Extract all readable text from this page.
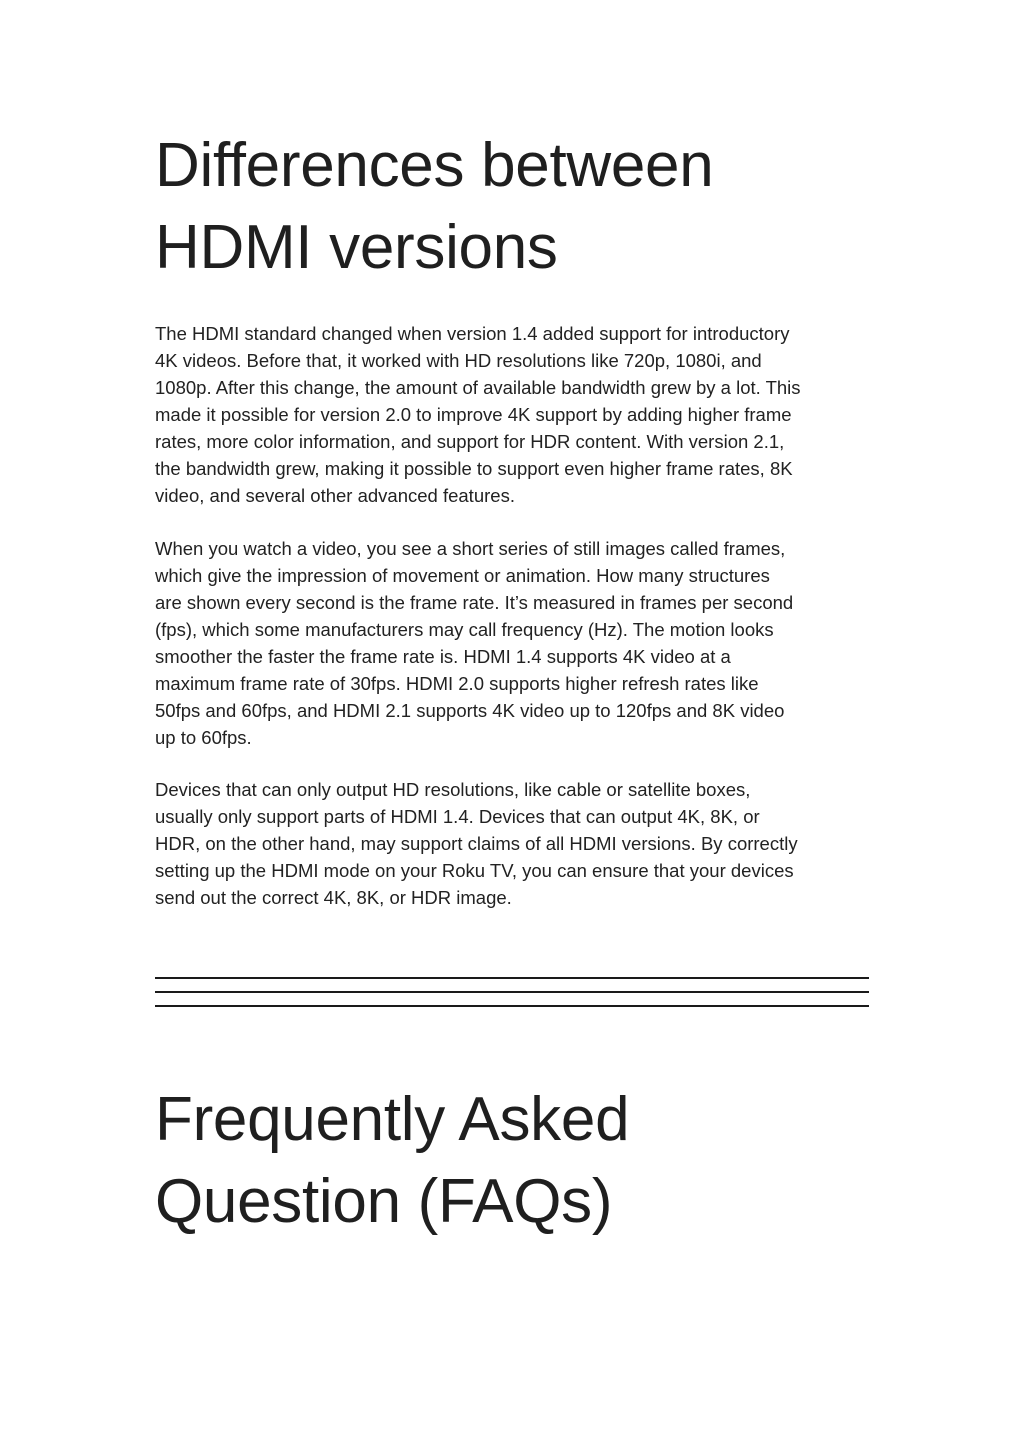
Differences between
HDMI versions

The HDMI standard changed when version 1.4 added support for introductory
4K videos. Before that, it worked with HD resolutions like 720p, 1080i, and
1080p. After this change, the amount of available bandwidth grew by a lot. This
made it possible for version 2.0 to improve 4K support by adding higher frame
rates, more color information, and support for HDR content. With version 2.1,
the bandwidth grew, making it possible to support even higher frame rates, 8K
video, and several other advanced features.

When you watch a video, you see a short series of still images called frames,
which give the impression of movement or animation. How many structures
are shown every second is the frame rate. It’s measured in frames per second
(fps), which some manufacturers may call frequency (Hz). The motion looks
smoother the faster the frame rate is. HDMI 1.4 supports 4K video at a
maximum frame rate of 30fps. HDMI 2.0 supports higher refresh rates like
50fps and 60fps, and HDMI 2.1 supports 4K video up to 120fps and 8K video
up to 60fps.

Devices that can only output HD resolutions, like cable or satellite boxes,
usually only support parts of HDMI 1.4. Devices that can output 4K, 8K, or
HDR, on the other hand, may support claims of all HDMI versions. By correctly
setting up the HDMI mode on your Roku TV, you can ensure that your devices
send out the correct 4K, 8K, or HDR image.

Frequently Asked
Question (FAQs)
